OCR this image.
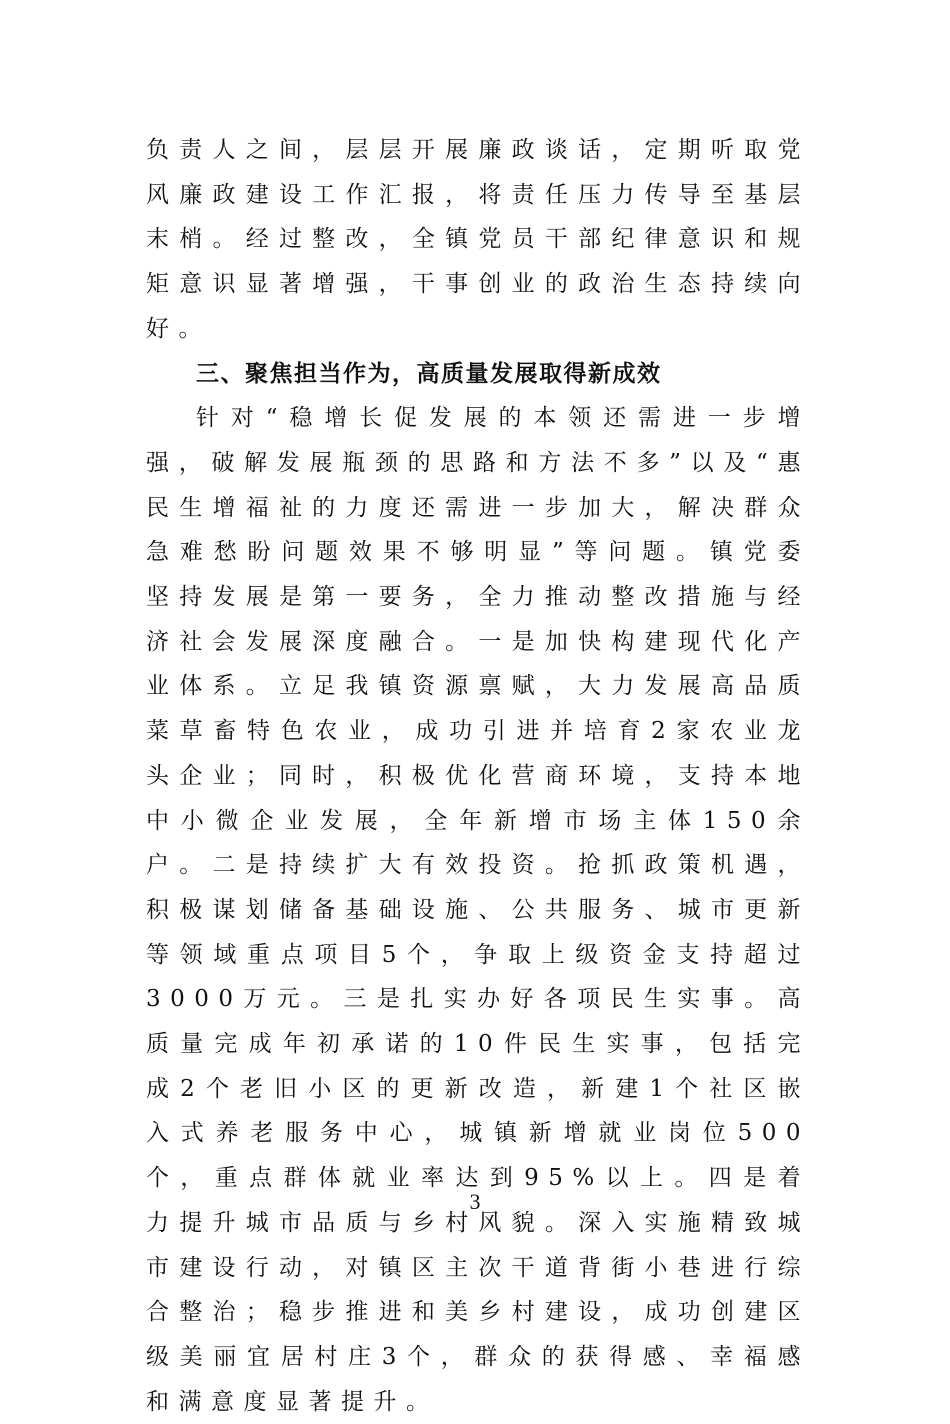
负责人之间，层层开展廉政谈话，定期听取党风廉政建设工作汇报，将责任压力传导至基层末梢。经过整改，全镇党员干部纪律意识和规矩意识显著增强，干事创业的政治生态持续向好。

三、聚焦担当作为，高质量发展取得新成效

针对“稳增长促发展的本领还需进一步增强，破解发展瓶颈的思路和方法不多”以及“惠民生增福祉的力度还需进一步加大，解决群众急难愁盼问题效果不够明显”等问题。镇党委坚持发展是第一要务，全力推动整改措施与经济社会发展深度融合。一是加快构建现代化产业体系。立足我镇资源禀赋，大力发展高品质菜草畜特色农业，成功引进并培育2家农业龙头企业；同时，积极优化营商环境，支持本地中小微企业发展，全年新增市场主体150余户。二是持续扩大有效投资。抢抓政策机遇，积极谋划储备基础设施、公共服务、城市更新等领域重点项目5个，争取上级资金支持超过3000万元。三是扎实办好各项民生实事。高质量完成年初承诺的10件民生实事，包括完成2个老旧小区的更新改造，新建1个社区嵌入式养老服务中心，城镇新增就业岗位500个，重点群体就业率达到95%以上。四是着力提升城市品质与乡村风貌。深入实施精致城市建设行动，对镇区主次干道背街小巷进行综合整治；稳步推进和美乡村建设，成功创建区级美丽宜居村庄3个，群众的获得感、幸福感和满意度显著提升。

3
